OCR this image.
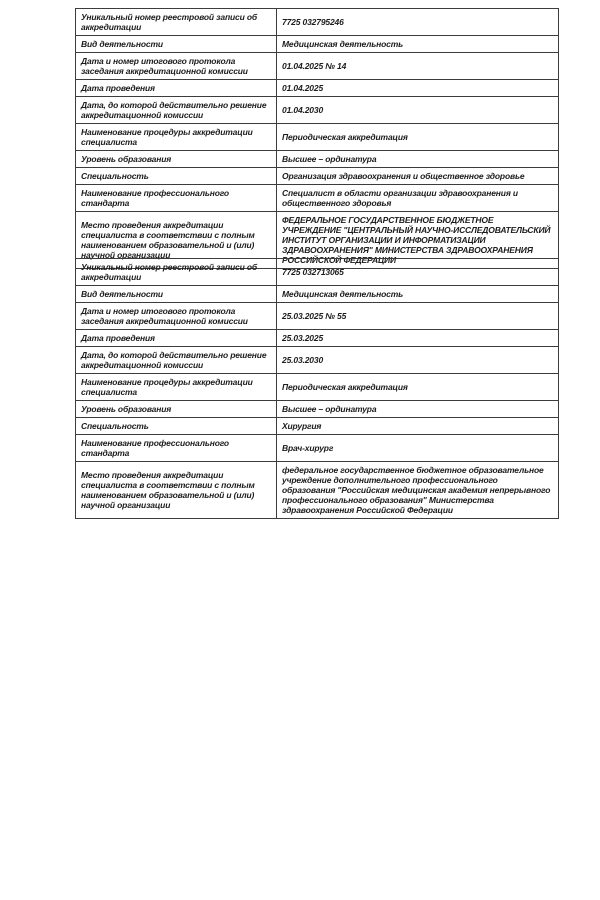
Уникальный номер реестровой записи об аккредитации	7725 032795246
Вид деятельности	Медицинская деятельность
Дата и номер итогового протокола заседания аккредитационной комиссии	01.04.2025 № 14
Дата проведения	01.04.2025
Дата, до которой действительно решение аккредитационной комиссии	01.04.2030
Наименование процедуры аккредитации специалиста	Периодическая аккредитация
Уровень образования	Высшее – ординатура
Специальность	Организация здравоохранения и общественное здоровье
Наименование профессионального стандарта	Специалист в области организации здравоохранения и общественного здоровья
Место проведения аккредитации специалиста в соответствии с полным наименованием образовательной и (или) научной организации	ФЕДЕРАЛЬНОЕ ГОСУДАРСТВЕННОЕ БЮДЖЕТНОЕ УЧРЕЖДЕНИЕ "ЦЕНТРАЛЬНЫЙ НАУЧНО-ИССЛЕДОВАТЕЛЬСКИЙ ИНСТИТУТ ОРГАНИЗАЦИИ И ИНФОРМАТИЗАЦИИ ЗДРАВООХРАНЕНИЯ" МИНИСТЕРСТВА ЗДРАВООХРАНЕНИЯ РОССИЙСКОЙ ФЕДЕРАЦИИ
Уникальный номер реестровой записи об аккредитации	7725 032713065
Вид деятельности	Медицинская деятельность
Дата и номер итогового протокола заседания аккредитационной комиссии	25.03.2025 № 55
Дата проведения	25.03.2025
Дата, до которой действительно решение аккредитационной комиссии	25.03.2030
Наименование процедуры аккредитации специалиста	Периодическая аккредитация
Уровень образования	Высшее – ординатура
Специальность	Хирургия
Наименование профессионального стандарта	Врач-хирург
Место проведения аккредитации специалиста в соответствии с полным наименованием образовательной и (или) научной организации	федеральное государственное бюджетное образовательное учреждение дополнительного профессионального образования "Российская медицинская академия непрерывного профессионального образования" Министерства здравоохранения Российской Федерации
